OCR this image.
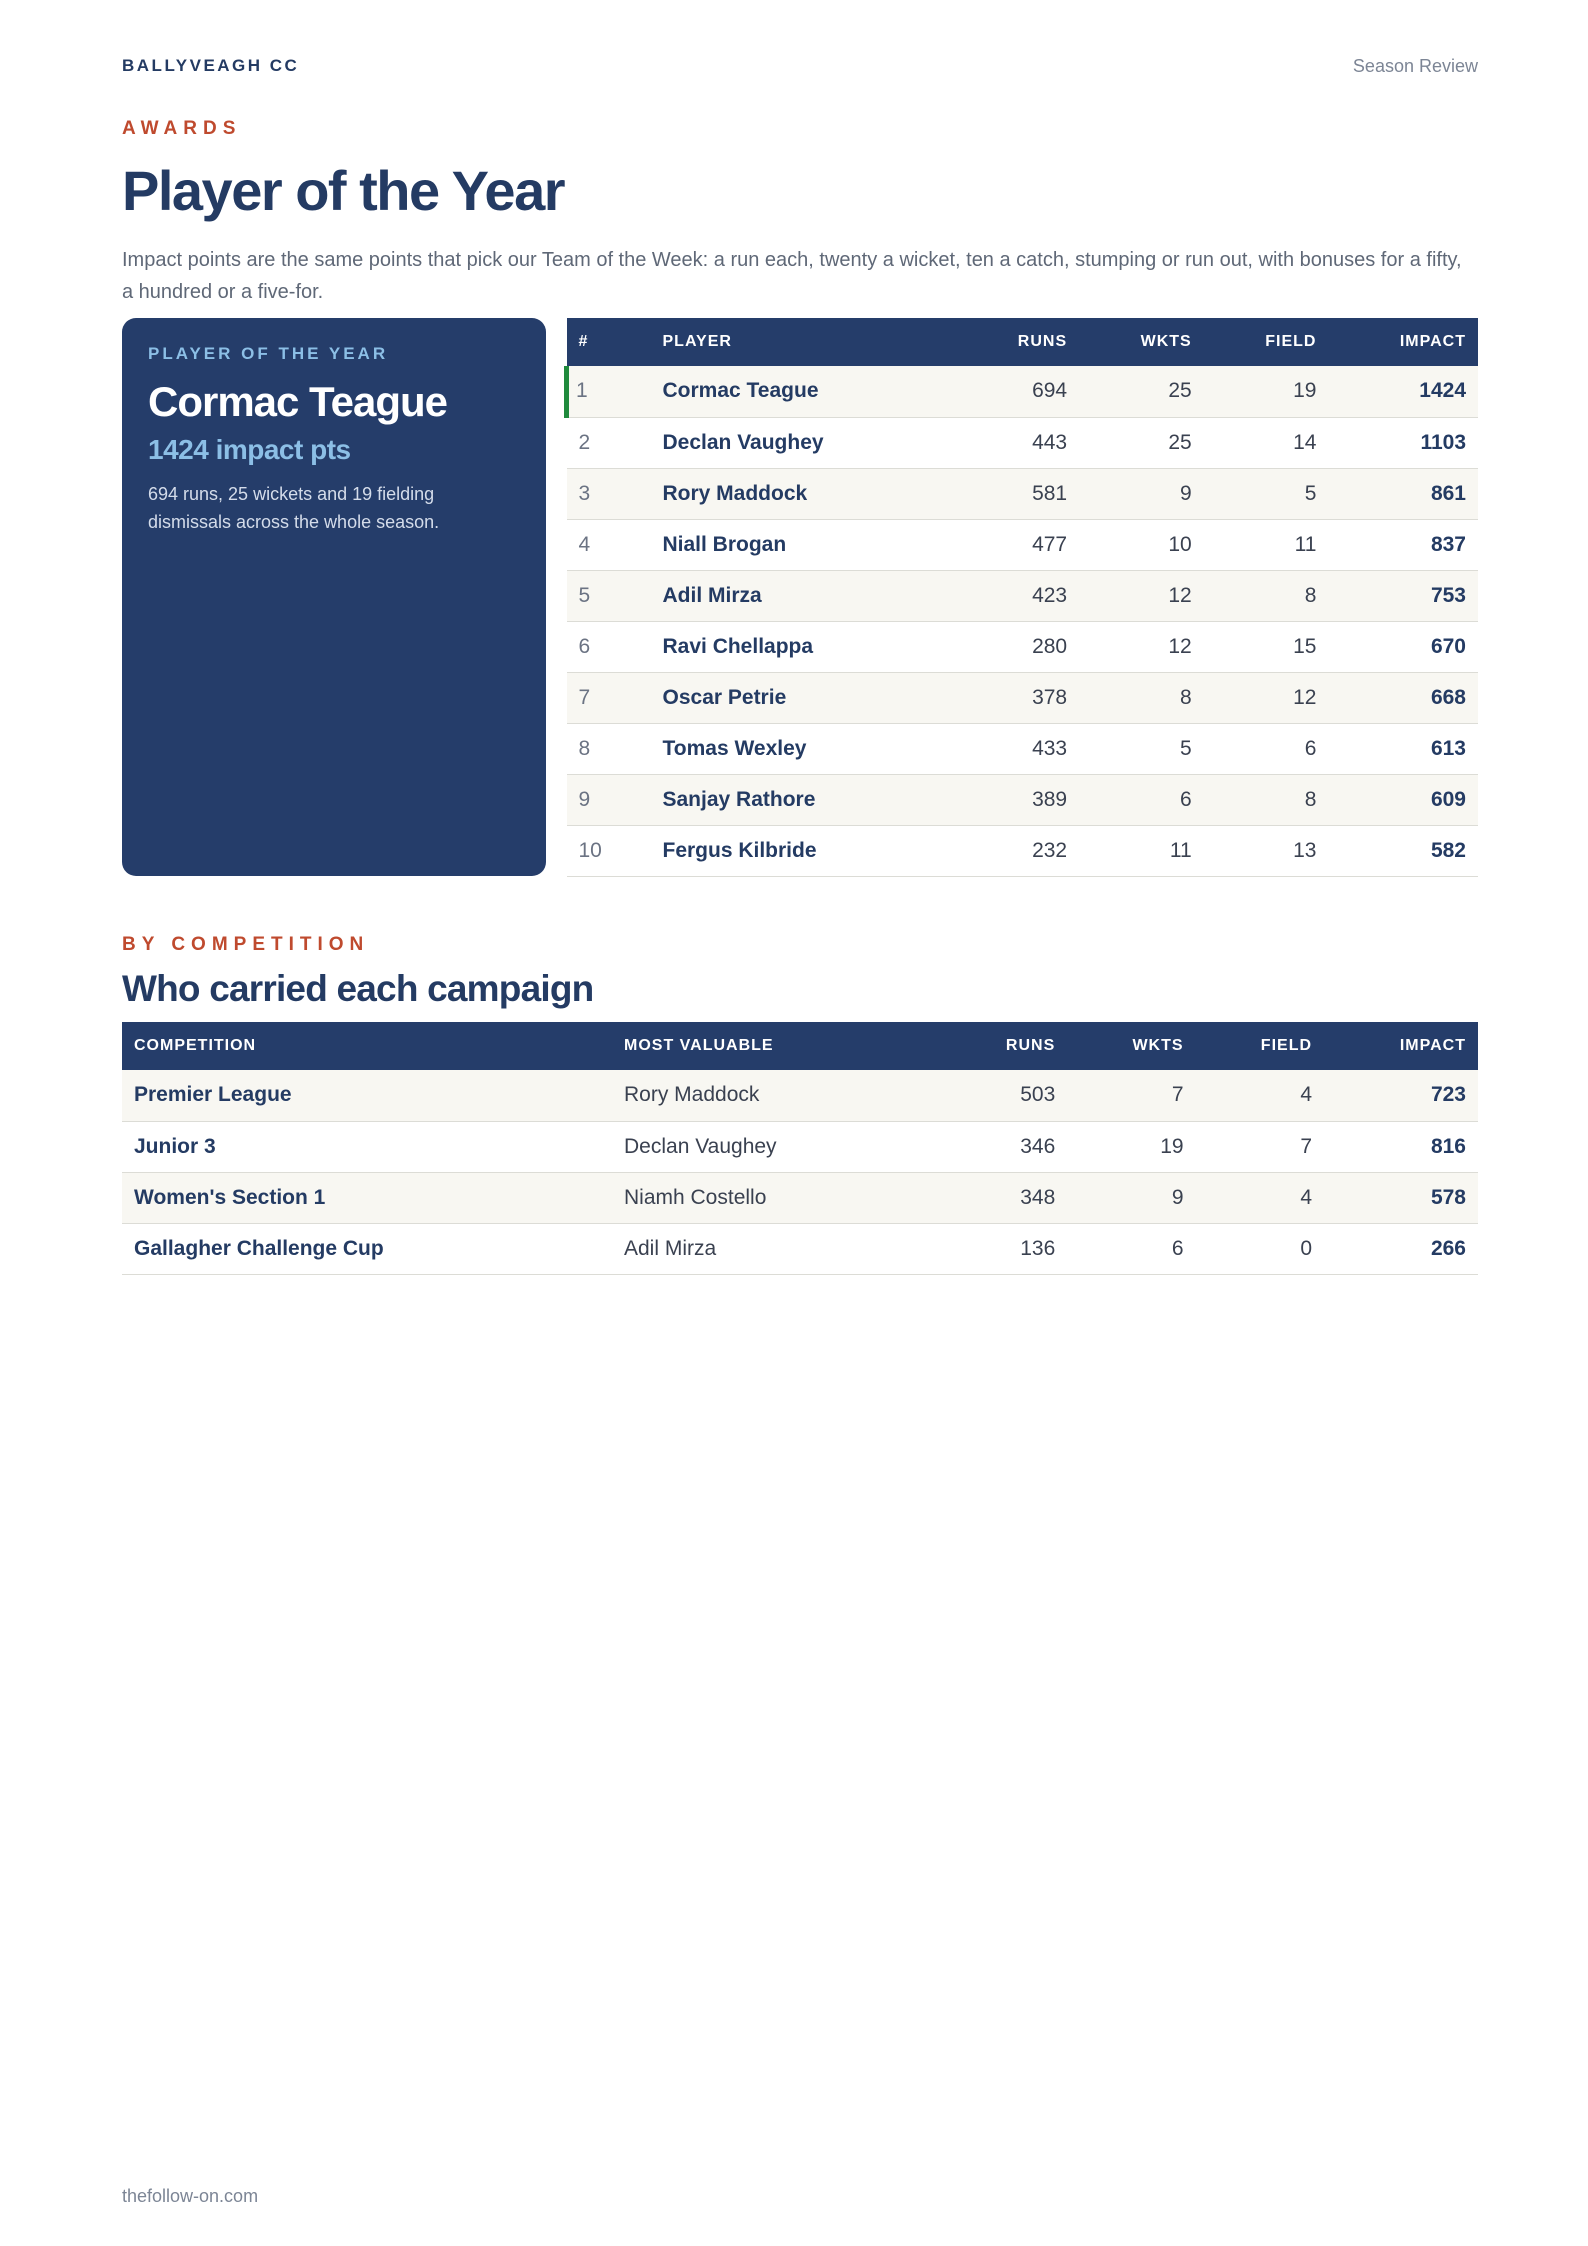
BALLYVEAGH CC	Season Review
AWARDS
Player of the Year

Impact points are the same points that pick our Team of the Week: a run each, twenty a wicket, ten a catch, stumping or run out, with bonuses for a fifty, a hundred or a five-for.

PLAYER OF THE YEAR
Cormac Teague
1424 impact pts
694 runs, 25 wickets and 19 fielding dismissals across the whole season.
#	PLAYER	RUNS	WKTS	FIELD	IMPACT
1	Cormac Teague	694	25	19	1424
2	Declan Vaughey	443	25	14	1103
3	Rory Maddock	581	9	5	861
4	Niall Brogan	477	10	11	837
5	Adil Mirza	423	12	8	753
6	Ravi Chellappa	280	12	15	670
7	Oscar Petrie	378	8	12	668
8	Tomas Wexley	433	5	6	613
9	Sanjay Rathore	389	6	8	609
10	Fergus Kilbride	232	11	13	582
BY COMPETITION
Who carried each campaign
COMPETITION	MOST VALUABLE	RUNS	WKTS	FIELD	IMPACT
Premier League	Rory Maddock	503	7	4	723
Junior 3	Declan Vaughey	346	19	7	816
Women's Section 1	Niamh Costello	348	9	4	578
Gallagher Challenge Cup	Adil Mirza	136	6	0	266
thefollow-on.com
